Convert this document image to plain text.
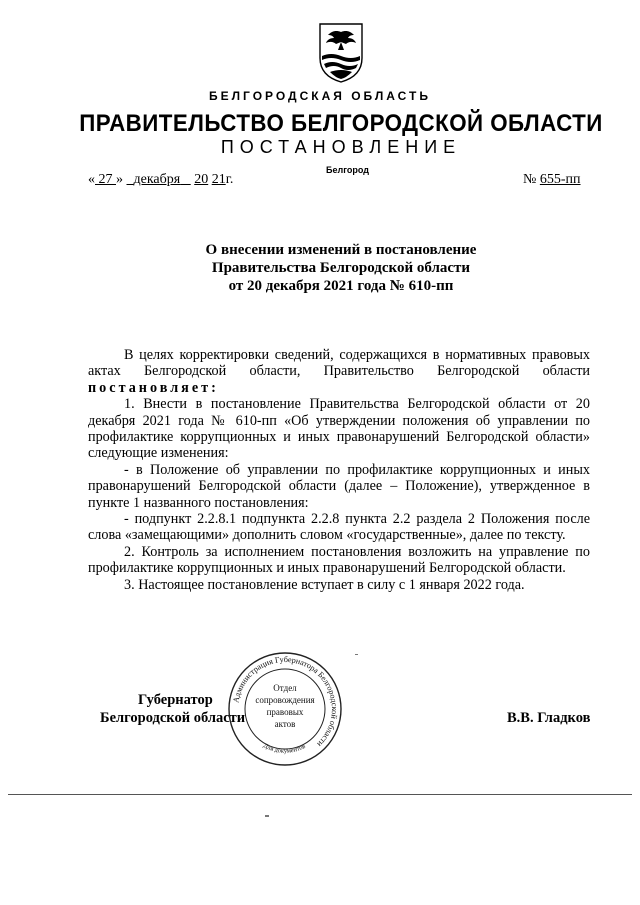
БЕЛГОРОДСКАЯ ОБЛАСТЬ
ПРАВИТЕЛЬСТВО БЕЛГОРОДСКОЙ ОБЛАСТИ
ПОСТАНОВЛЕНИЕ
Белгород
« 27 » декабря 20 21г.	№ 655-пп
О внесении изменений в постановление
Правительства Белгородской области
от 20 декабря 2021 года № 610-пп

В целях корректировки сведений, содержащихся в нормативных правовых актах Белгородской области, Правительство Белгородской области постановляет:

1. Внести в постановление Правительства Белгородской области от 20 декабря 2021 года № 610-пп «Об утверждении положения об управлении по профилактике коррупционных и иных правонарушений Белгородской области» следующие изменения:

- в Положение об управлении по профилактике коррупционных и иных правонарушений Белгородской области (далее – Положение), утвержденное в пункте 1 названного постановления:

- подпункт 2.2.8.1 подпункта 2.2.8 пункта 2.2 раздела 2 Положения после слова «замещающими» дополнить словом «государственные», далее по тексту.

2. Контроль за исполнением постановления возложить на управление по профилактике коррупционных и иных правонарушений Белгородской области.

3. Настоящее постановление вступает в силу с 1 января 2022 года.

Губернатор
Белгородской области	В.В. Гладков
Администрация Губернатора Белгородской области
Отдел
сопровождения
правовых
актов
Для документов
